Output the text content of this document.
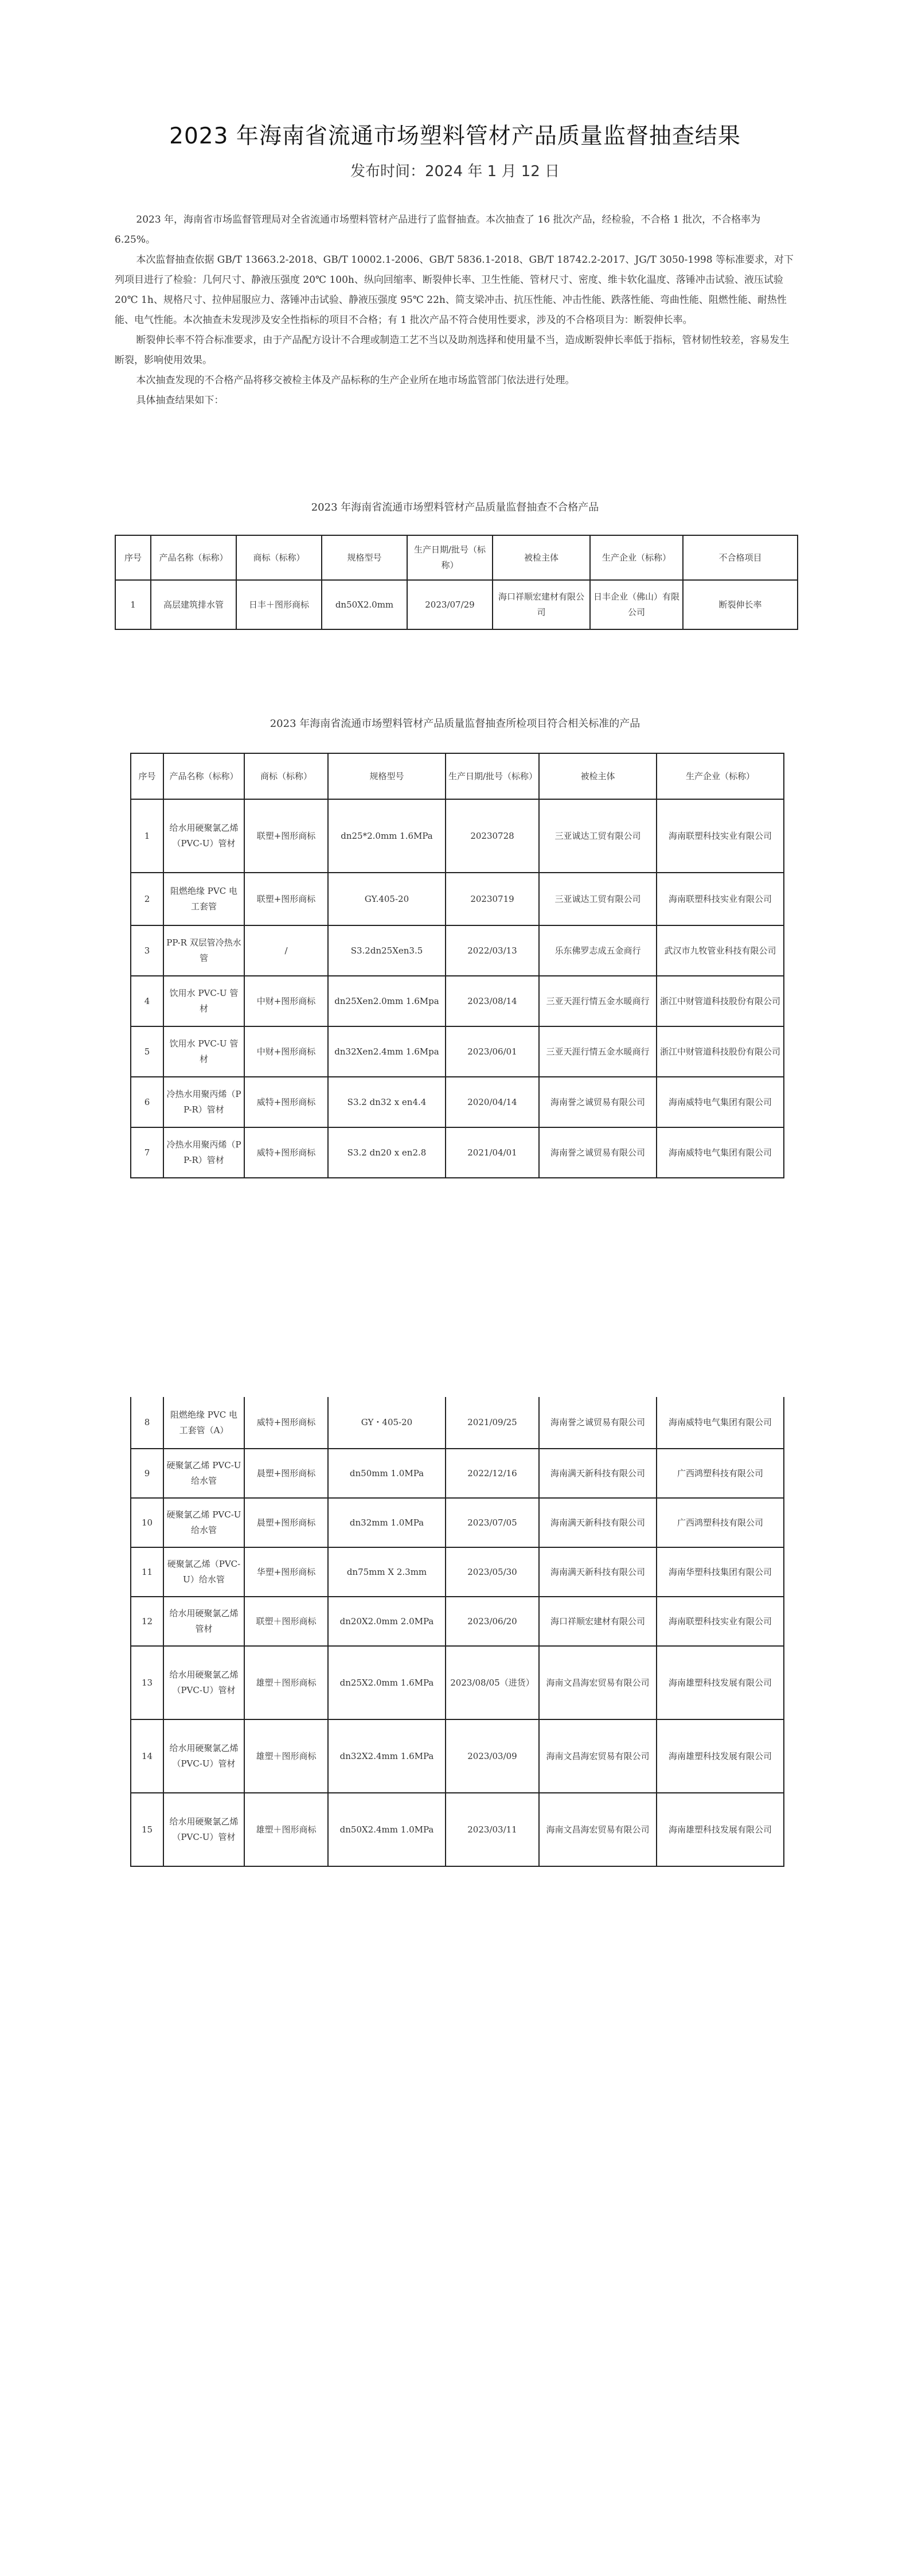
2023 年海南省流通市场塑料管材产品质量监督抽查结果
发布时间：2024 年 1 月 12 日

2023 年，海南省市场监督管理局对全省流通市场塑料管材产品进行了监督抽查。本次抽查了 16 批次产品，经检验，不合格 1 批次，不合格率为 6.25%。

本次监督抽查依据 GB/T 13663.2-2018、GB/T 10002.1-2006、GB/T 5836.1-2018、GB/T 18742.2-2017、JG/T 3050-1998 等标准要求，对下列项目进行了检验：几何尺寸、静液压强度 20℃ 100h、纵向回缩率、断裂伸长率、卫生性能、管材尺寸、密度、维卡软化温度、落锤冲击试验、液压试验 20℃ 1h、规格尺寸、拉伸屈服应力、落锤冲击试验、静液压强度 95℃ 22h、简支梁冲击、抗压性能、冲击性能、跌落性能、弯曲性能、阻燃性能、耐热性能、电气性能。本次抽查未发现涉及安全性指标的项目不合格；有 1 批次产品不符合使用性要求，涉及的不合格项目为：断裂伸长率。

断裂伸长率不符合标准要求，由于产品配方设计不合理或制造工艺不当以及助剂选择和使用量不当，造成断裂伸长率低于指标，管材韧性较差，容易发生断裂，影响使用效果。

本次抽查发现的不合格产品将移交被检主体及产品标称的生产企业所在地市场监管部门依法进行处理。

具体抽查结果如下：

2023 年海南省流通市场塑料管材产品质量监督抽查不合格产品
序号	产品名称（标称）	商标（标称）	规格型号	生产日期/批号（标称）	被检主体	生产企业（标称）	不合格项目
1	高层建筑排水管	日丰＋图形商标	dn50X2.0mm	2023/07/29	海口祥顺宏建材有限公司	日丰企业（佛山）有限公司	断裂伸长率
2023 年海南省流通市场塑料管材产品质量监督抽查所检项目符合相关标准的产品
序号	产品名称（标称）	商标（标称）	规格型号	生产日期/批号（标称）	被检主体	生产企业（标称）
1	给水用硬聚氯乙烯（PVC-U）管材	联塑+图形商标	dn25*2.0mm 1.6MPa	20230728	三亚诚达工贸有限公司	海南联塑科技实业有限公司
2	阻燃绝缘 PVC 电工套管	联塑+图形商标	GY.405-20	20230719	三亚诚达工贸有限公司	海南联塑科技实业有限公司
3	PP-R 双层管冷热水管	/	S3.2dn25Xen3.5	2022/03/13	乐东佛罗志成五金商行	武汉市九牧管业科技有限公司
4	饮用水 PVC-U 管材	中财+图形商标	dn25Xen2.0mm 1.6Mpa	2023/08/14	三亚天涯行情五金水暖商行	浙江中财管道科技股份有限公司
5	饮用水 PVC-U 管材	中财+图形商标	dn32Xen2.4mm 1.6Mpa	2023/06/01	三亚天涯行情五金水暖商行	浙江中财管道科技股份有限公司
6	冷热水用聚丙烯（PP-R）管材	威特+图形商标	S3.2 dn32 x en4.4	2020/04/14	海南誉之诚贸易有限公司	海南威特电气集团有限公司
7	冷热水用聚丙烯（PP-R）管材	威特+图形商标	S3.2 dn20 x en2.8	2021/04/01	海南誉之诚贸易有限公司	海南威特电气集团有限公司
8	阻燃绝缘 PVC 电工套管（A）	威特+图形商标	GY・405-20	2021/09/25	海南誉之诚贸易有限公司	海南威特电气集团有限公司
9	硬聚氯乙烯 PVC-U 给水管	晨塑+图形商标	dn50mm 1.0MPa	2022/12/16	海南满天新科技有限公司	广西鸿塑科技有限公司
10	硬聚氯乙烯 PVC-U 给水管	晨塑+图形商标	dn32mm 1.0MPa	2023/07/05	海南满天新科技有限公司	广西鸿塑科技有限公司
11	硬聚氯乙烯（PVC-U）给水管	华塑+图形商标	dn75mm X 2.3mm	2023/05/30	海南满天新科技有限公司	海南华塑科技集团有限公司
12	给水用硬聚氯乙烯管材	联塑＋图形商标	dn20X2.0mm 2.0MPa	2023/06/20	海口祥顺宏建材有限公司	海南联塑科技实业有限公司
13	给水用硬聚氯乙烯（PVC-U）管材	雄塑＋图形商标	dn25X2.0mm 1.6MPa	2023/08/05（进货）	海南文昌海宏贸易有限公司	海南雄塑科技发展有限公司
14	给水用硬聚氯乙烯（PVC-U）管材	雄塑＋图形商标	dn32X2.4mm 1.6MPa	2023/03/09	海南文昌海宏贸易有限公司	海南雄塑科技发展有限公司
15	给水用硬聚氯乙烯（PVC-U）管材	雄塑＋图形商标	dn50X2.4mm 1.0MPa	2023/03/11	海南文昌海宏贸易有限公司	海南雄塑科技发展有限公司
